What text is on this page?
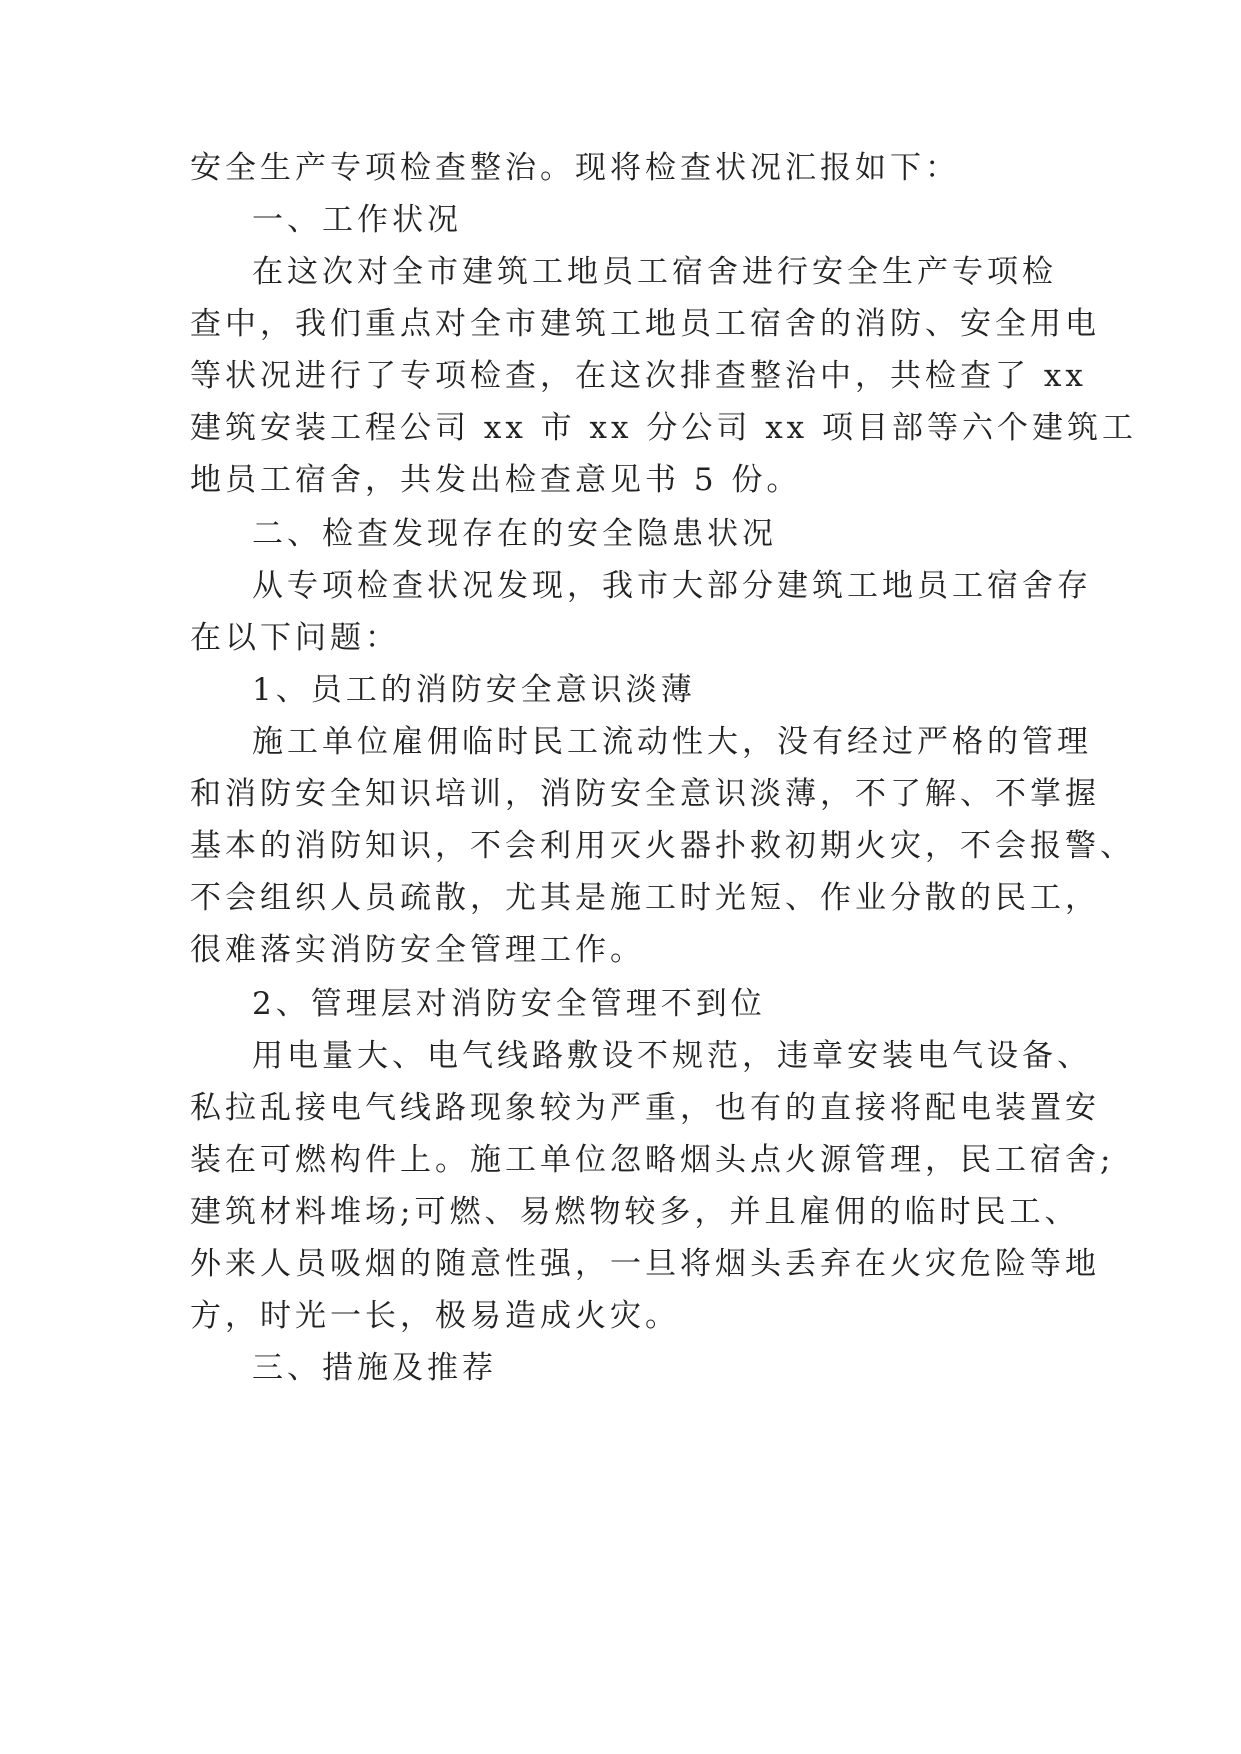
安全生产专项检查整治。现将检查状况汇报如下：
一、工作状况
在这次对全市建筑工地员工宿舍进行安全生产专项检
查中，我们重点对全市建筑工地员工宿舍的消防、安全用电
等状况进行了专项检查，在这次排查整治中，共检查了 xx
建筑安装工程公司 xx 市 xx 分公司 xx 项目部等六个建筑工
地员工宿舍，共发出检查意见书 5 份。
二、检查发现存在的安全隐患状况
从专项检查状况发现，我市大部分建筑工地员工宿舍存
在以下问题：
1、员工的消防安全意识淡薄
施工单位雇佣临时民工流动性大，没有经过严格的管理
和消防安全知识培训，消防安全意识淡薄，不了解、不掌握
基本的消防知识，不会利用灭火器扑救初期火灾，不会报警、
不会组织人员疏散，尤其是施工时光短、作业分散的民工，
很难落实消防安全管理工作。
2、管理层对消防安全管理不到位
用电量大、电气线路敷设不规范，违章安装电气设备、
私拉乱接电气线路现象较为严重，也有的直接将配电装置安
装在可燃构件上。施工单位忽略烟头点火源管理，民工宿舍;
建筑材料堆场;可燃、易燃物较多，并且雇佣的临时民工、
外来人员吸烟的随意性强，一旦将烟头丢弃在火灾危险等地
方，时光一长，极易造成火灾。
三、措施及推荐
